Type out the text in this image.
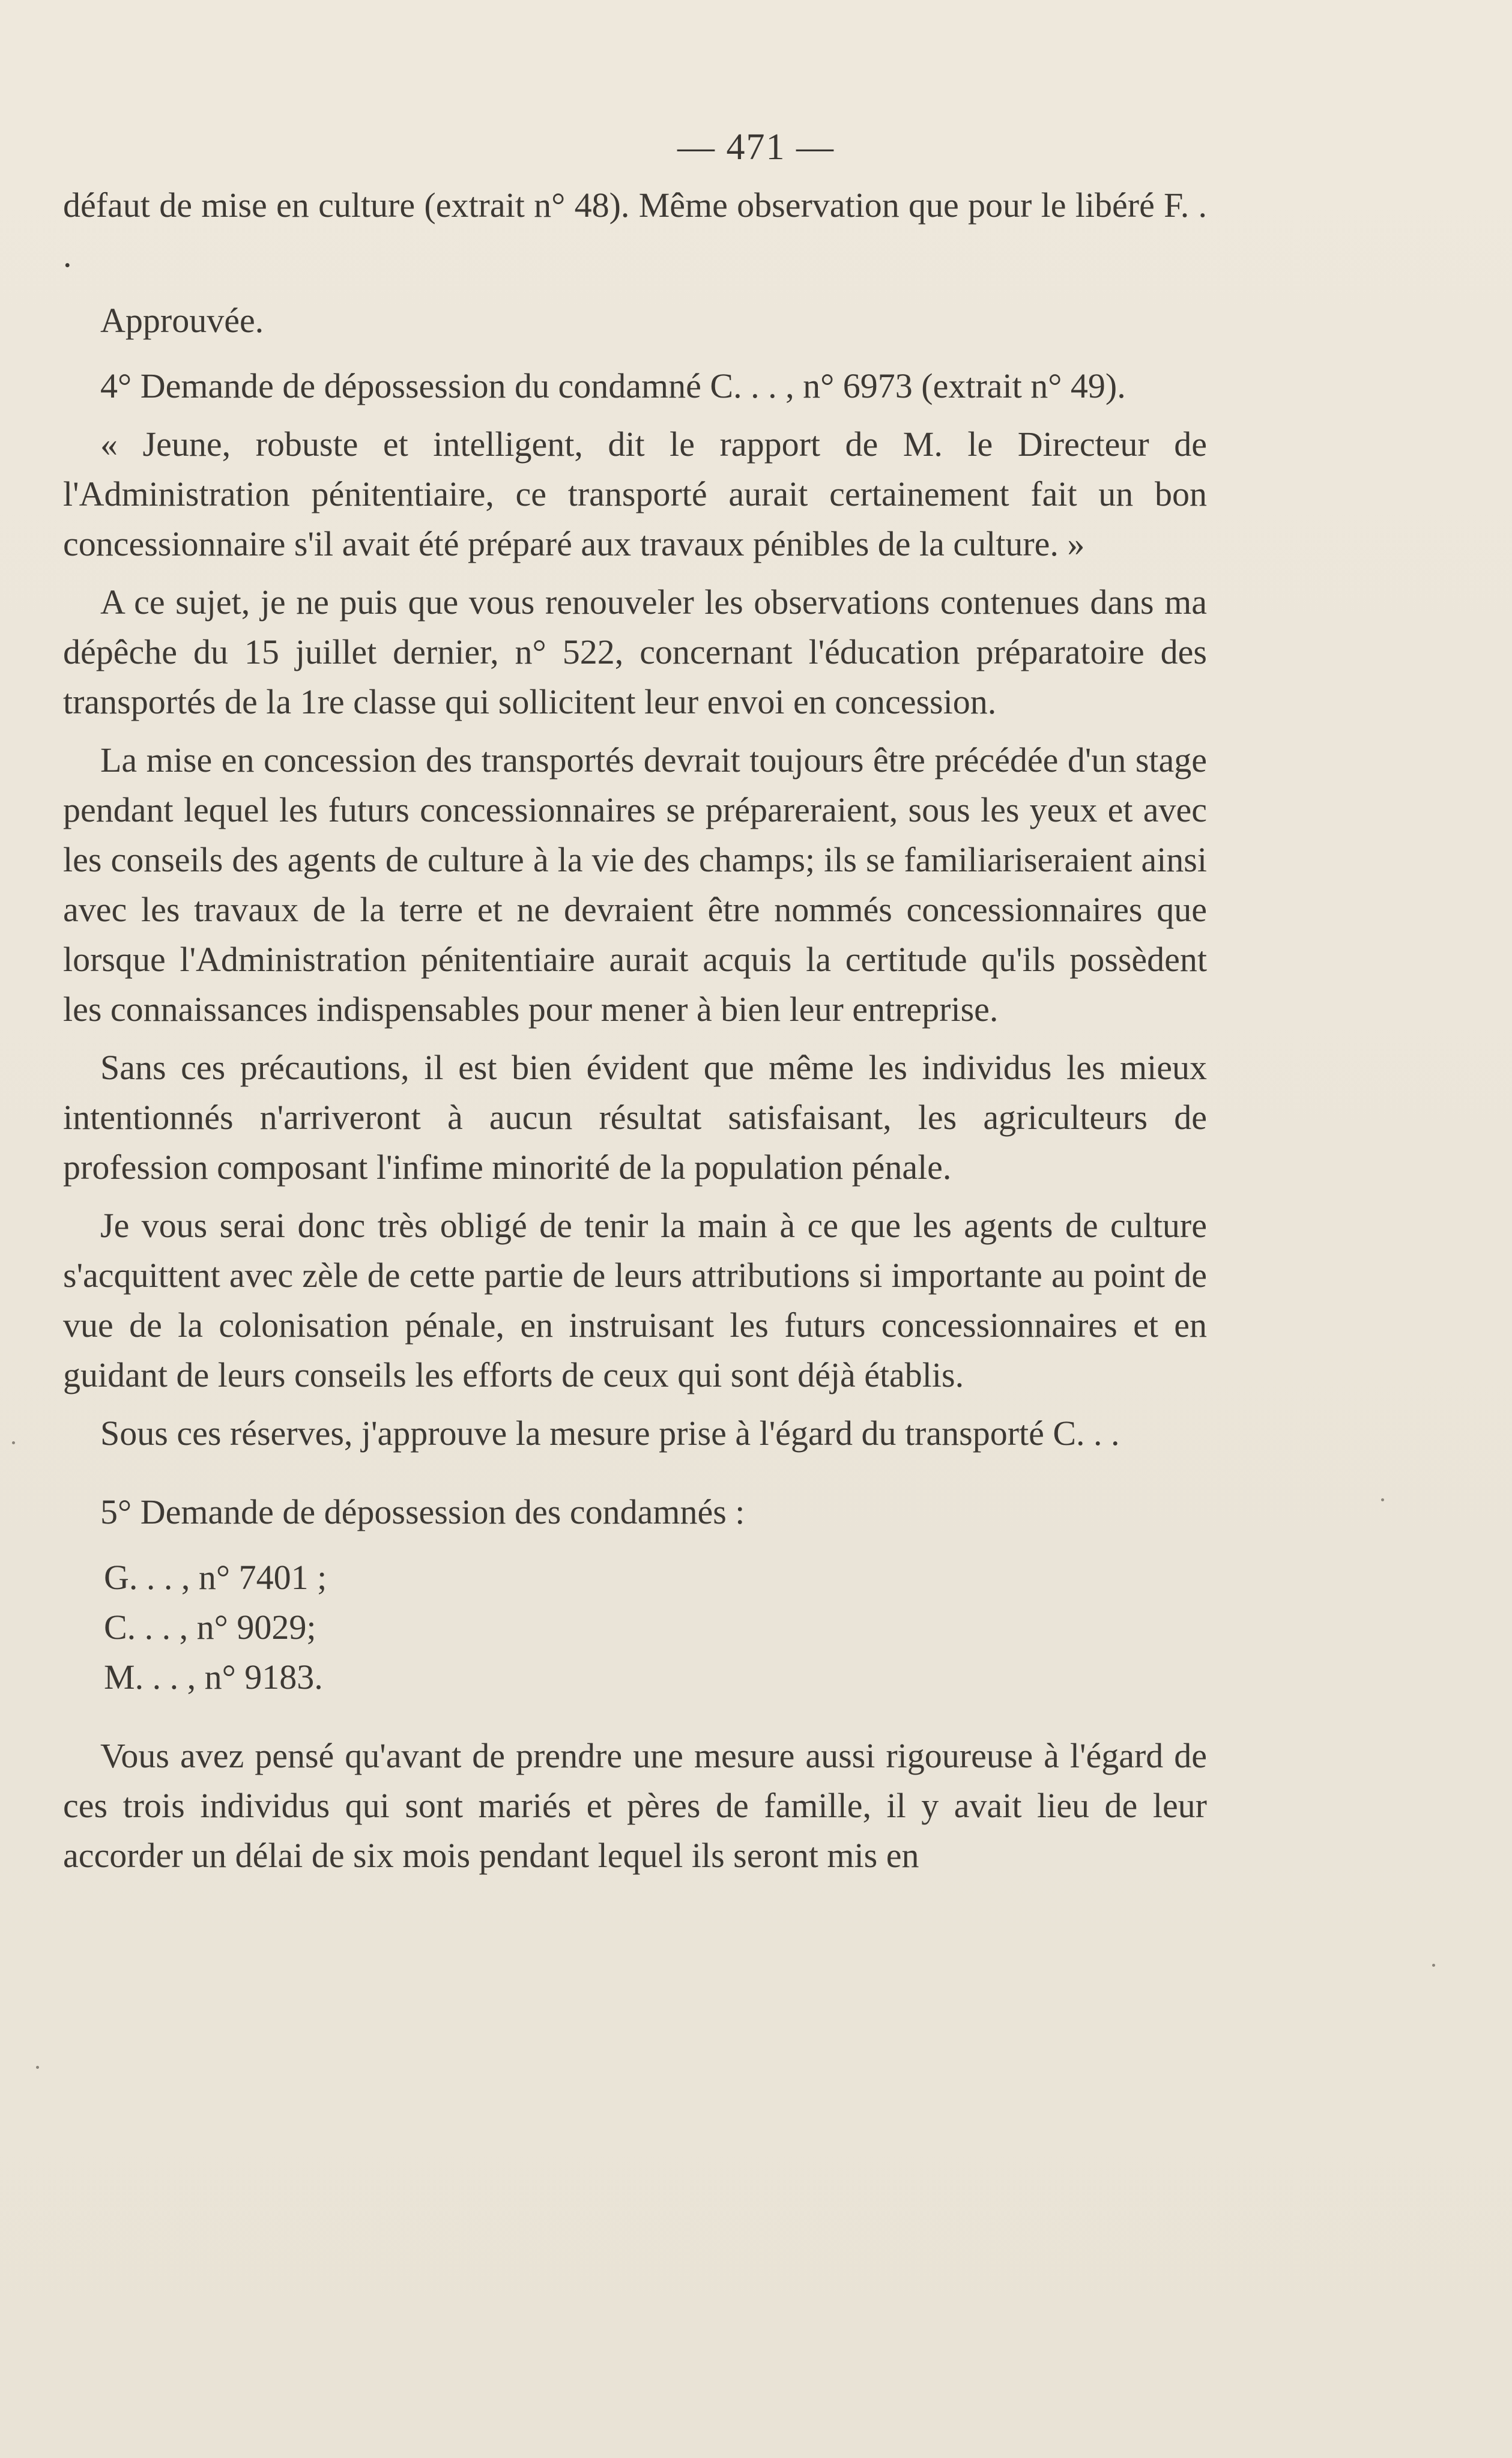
— 471 —

défaut de mise en culture (extrait n° 48). Même observation que pour le libéré F. . .

Approuvée.

4° Demande de dépossession du condamné C. . . , n° 6973 (extrait n° 49).

« Jeune, robuste et intelligent, dit le rapport de M. le Directeur de l'Administration pénitentiaire, ce transporté aurait certainement fait un bon concessionnaire s'il avait été préparé aux travaux pénibles de la culture. »

A ce sujet, je ne puis que vous renouveler les observations contenues dans ma dépêche du 15 juillet dernier, n° 522, concernant l'éducation préparatoire des transportés de la 1re classe qui sollicitent leur envoi en concession.

La mise en concession des transportés devrait toujours être précédée d'un stage pendant lequel les futurs concessionnaires se prépareraient, sous les yeux et avec les conseils des agents de culture à la vie des champs; ils se familiariseraient ainsi avec les travaux de la terre et ne devraient être nommés concessionnaires que lorsque l'Administration pénitentiaire aurait acquis la certitude qu'ils possèdent les connaissances indispensables pour mener à bien leur entreprise.

Sans ces précautions, il est bien évident que même les individus les mieux intentionnés n'arriveront à aucun résultat satisfaisant, les agriculteurs de profession composant l'infime minorité de la population pénale.

Je vous serai donc très obligé de tenir la main à ce que les agents de culture s'acquittent avec zèle de cette partie de leurs attributions si importante au point de vue de la colonisation pénale, en instruisant les futurs concessionnaires et en guidant de leurs conseils les efforts de ceux qui sont déjà établis.

Sous ces réserves, j'approuve la mesure prise à l'égard du transporté C. . .

5° Demande de dépossession des condamnés :

G. . . , n° 7401 ;

C. . . , n° 9029;

M. . . , n° 9183.

Vous avez pensé qu'avant de prendre une mesure aussi rigoureuse à l'égard de ces trois individus qui sont mariés et pères de famille, il y avait lieu de leur accorder un délai de six mois pendant lequel ils seront mis en
